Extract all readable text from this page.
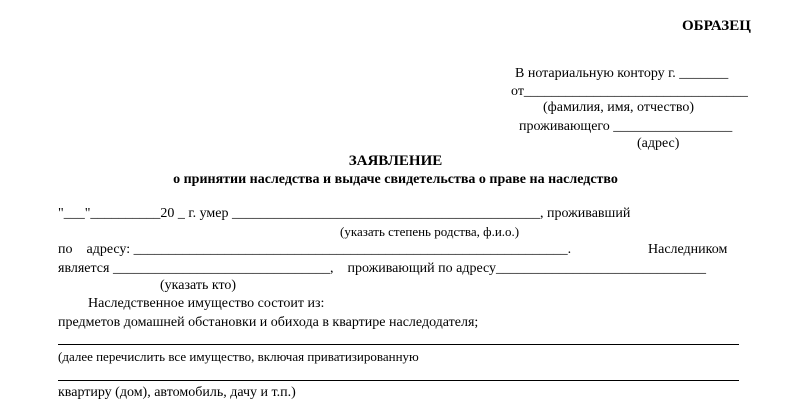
ОБРАЗЕЦ
В нотариальную контору г. _______
от________________________________
(фамилия, имя, отчество)
проживающего _________________
(адрес)
ЗАЯВЛЕНИЕ
о принятии наследства и выдаче свидетельства о праве на наследство
"___"__________20 _ г. умер ____________________________________________, проживавший
(указать степень родства, ф.и.о.)
по    адресу: ______________________________________________________________.	Наследником
является _______________________________,    проживающий по адресу______________________________
(указать кто)
Наследственное имущество состоит из:
предметов домашней обстановки и обихода в квартире наследодателя;
(далее перечислить все имущество, включая приватизированную
квартиру (дом), автомобиль, дачу и т.п.)
